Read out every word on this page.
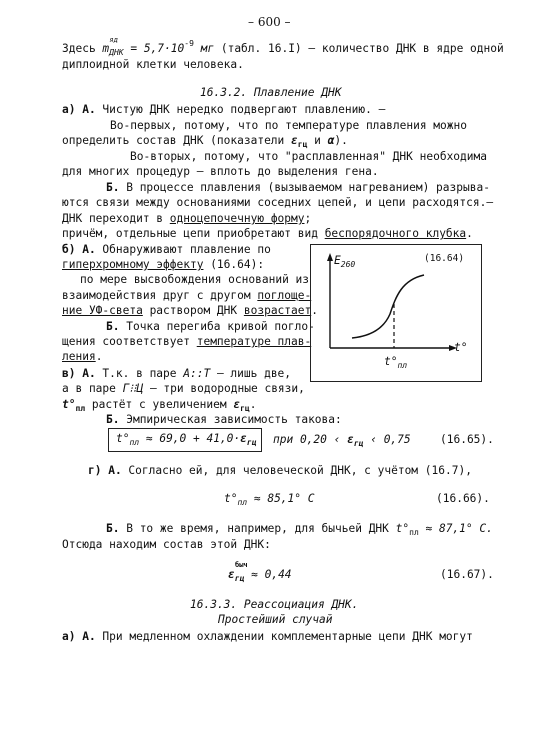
– 600 –
Здесь m
яд
$_{ДНК} = 5,7\cdot 10^{-9}$ мг (табл. 16.I) – количество ДНК в ядре одной
диплоидной клетки человека.
16.3.2. Плавление ДНК
а) А. Чистую ДНК нередко подвергают плавлению. –
Во-первых, потому, что по температуре плавления можно
определить состав ДНК (показатели $\varepsilon_{гц}$ и α).
Во-вторых, потому, что "расплавленная" ДНК необходима
для многих процедур – вплоть до выделения гена.
Б. В процессе плавления (вызываемом нагреванием) разрыва-
ются связи между основаниями соседних цепей, и цепи расходятся.–
ДНК переходит в одноцепочечную форму;
причём, отдельные цепи приобретают вид беспорядочного клубка.
б) А. Обнаруживают плавление по
гиперхромному эффекту (16.64):
по мере высвобождения оснований из
взаимодействия друг с другом поглоще-
ние УФ-света раствором ДНК возрастает.
Б. Точка перегиба кривой погло-
щения соответствует температуре плав-
ления.
в) А. Т.к. в паре А::Т – лишь две,
а в паре Г⁝⁝Ц – три водородные связи,
$t^\circ_{пл}$ растёт с увеличением $\varepsilon_{гц}$.
$E_{260}$
(16.64)
t°
$t^\circ_{пл}$
Б. Эмпирическая зависимость такова:
$t^\circ_{пл} \approx 69,0 + 41,0\cdot\varepsilon_{гц}$ при 0,20 ‹ $\varepsilon_{гц}$ ‹ 0,75	(16.65).
г) А. Согласно ей, для человеческой ДНК, с учётом (16.7),
$t^\circ_{пл} \approx 85,1^\circ$ С	(16.66).
Б. В то же время, например, для бычьей ДНК $t^\circ_{пл} \approx 87,1^\circ$ С.
Отсюда находим состав этой ДНК:
ε
быч
$_{гц}$ ≈ 0,44	(16.67).
16.3.3. Реассоциация ДНК.
Простейший случай
а) А. При медленном охлаждении комплементарные цепи ДНК могут
